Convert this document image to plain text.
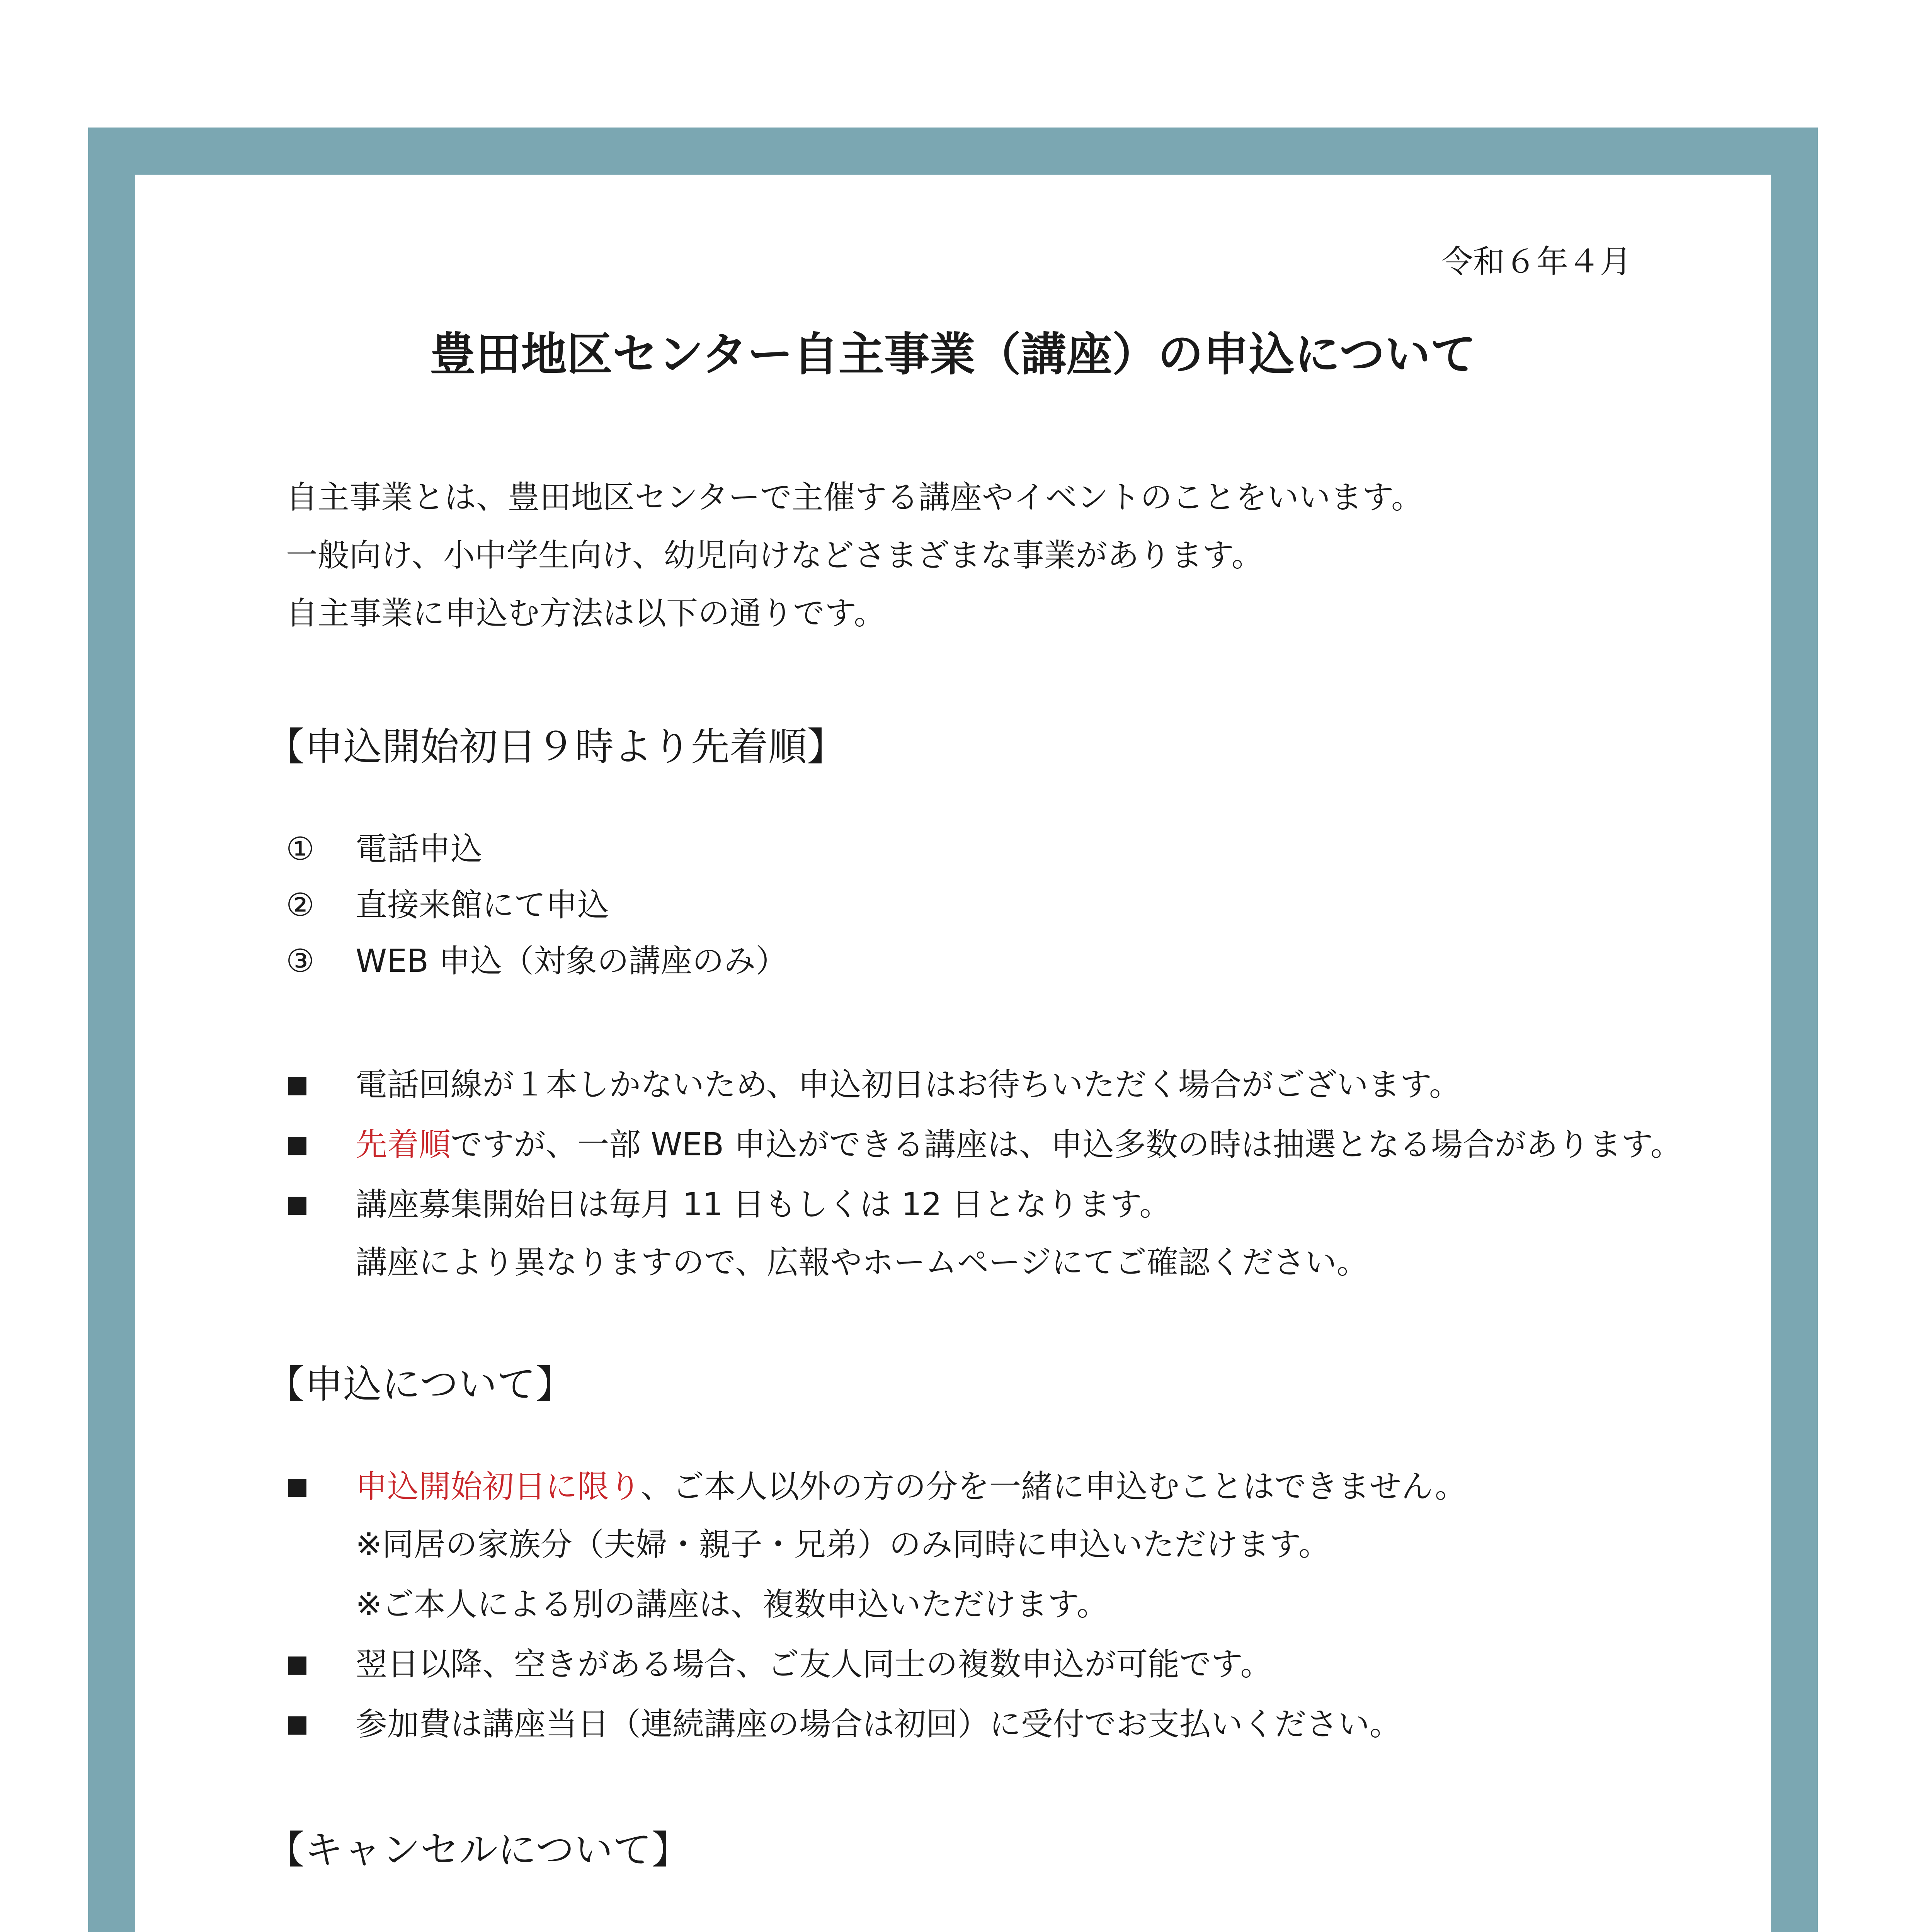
令和６年４月
豊田地区センター自主事業（講座）の申込について
自主事業とは、豊田地区センターで主催する講座やイベントのことをいいます。
一般向け、小中学生向け、幼児向けなどさまざまな事業があります。
自主事業に申込む方法は以下の通りです。
【申込開始初日９時より先着順】
① 電話申込
② 直接来館にて申込
③ WEB 申込（対象の講座のみ）
■ 電話回線が１本しかないため、申込初日はお待ちいただく場合がございます。
■ 先着順ですが、一部 WEB 申込ができる講座は、申込多数の時は抽選となる場合があります。
■ 講座募集開始日は毎月 11 日もしくは 12 日となります。
講座により異なりますので、広報やホームページにてご確認ください。
【申込について】
■ 申込開始初日に限り、ご本人以外の方の分を一緒に申込むことはできません。
※同居の家族分（夫婦・親子・兄弟）のみ同時に申込いただけます。
※ご本人による別の講座は、複数申込いただけます。
■ 翌日以降、空きがある場合、ご友人同士の複数申込が可能です。
■ 参加費は講座当日（連続講座の場合は初回）に受付でお支払いください。
【キャンセルについて】
